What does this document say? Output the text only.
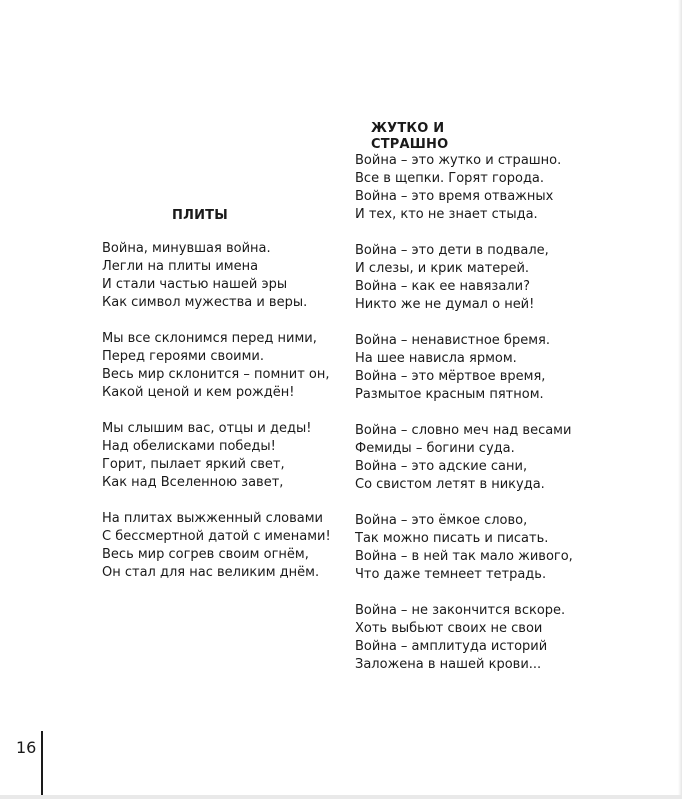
ПЛИТЫ
Война, минувшая война.
Легли на плиты имена
И стали частью нашей эры
Как символ мужества и веры.
Мы все склонимся перед ними,
Перед героями своими.
Весь мир склонится – помнит он,
Какой ценой и кем рождён!
Мы слышим вас, отцы и деды!
Над обелисками победы!
Горит, пылает яркий свет,
Как над Вселенною завет,
На плитах выжженный словами
С бессмертной датой с именами!
Весь мир согрев своим огнём,
Он стал для нас великим днём.
ЖУТКО И СТРАШНО
Война – это жутко и страшно.
Все в щепки. Горят города.
Война – это время отважных
И тех, кто не знает стыда.
Война – это дети в подвале,
И слезы, и крик матерей.
Война – как ее навязали?
Никто же не думал о ней!
Война – ненавистное бремя.
На шее нависла ярмом.
Война – это мёртвое время,
Размытое красным пятном.
Война – словно меч над весами
Фемиды – богини суда.
Война – это адские сани,
Со свистом летят в никуда.
Война – это ёмкое слово,
Так можно писать и писать.
Война – в ней так мало живого,
Что даже темнеет тетрадь.
Война – не закончится вскоре.
Хоть выбьют своих не свои
Война – амплитуда историй
Заложена в нашей крови...
16
